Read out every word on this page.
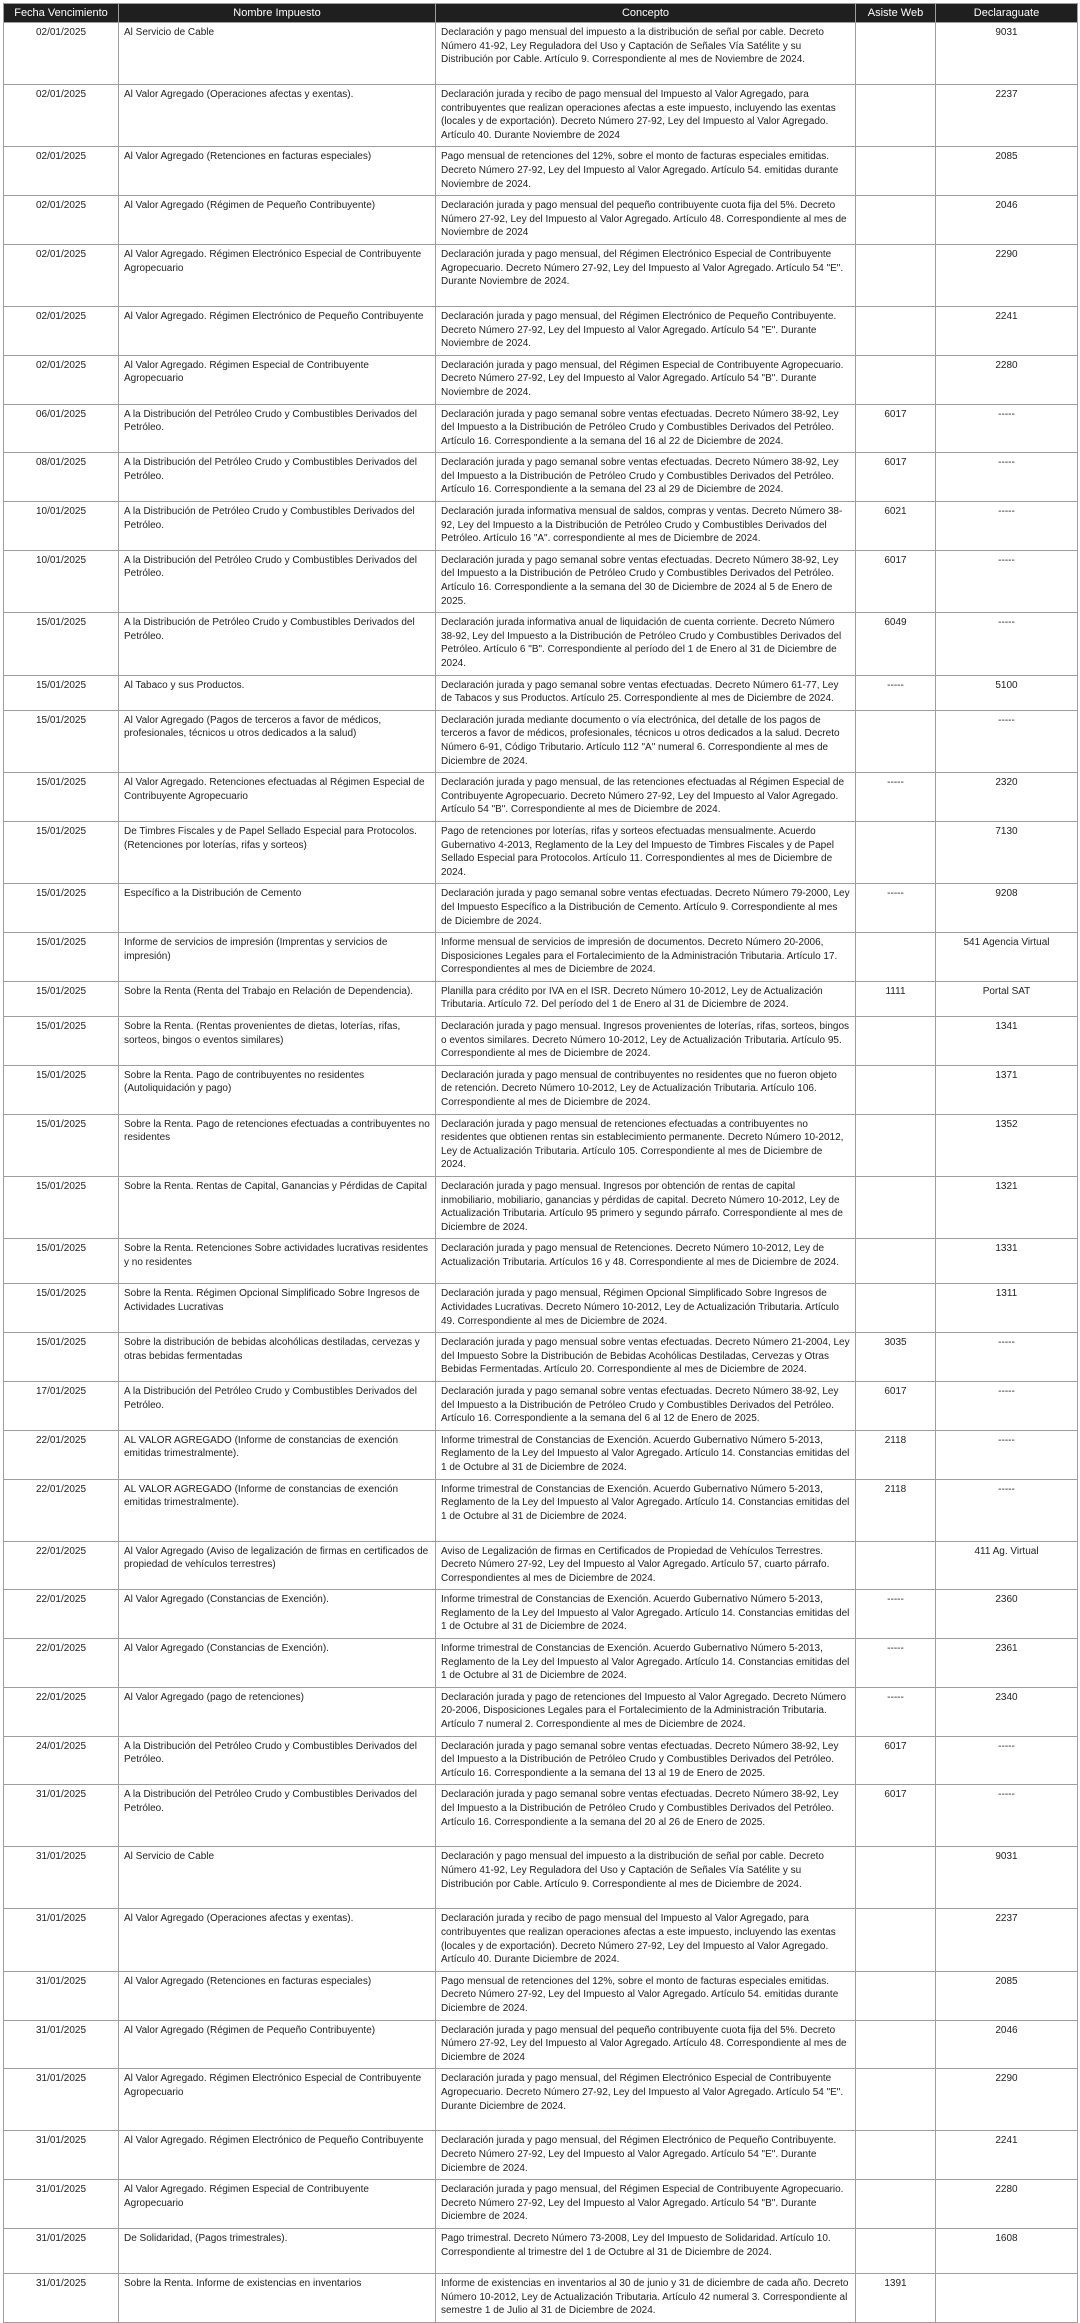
Fecha Vencimiento	Nombre Impuesto	Concepto	Asiste Web	Declaraguate
02/01/2025	Al Servicio de Cable	Declaración y pago mensual del impuesto a la distribución de señal por cable. Decreto Número 41-92, Ley Reguladora del Uso y Captación de Señales Vía Satélite y su Distribución por Cable. Artículo 9. Correspondiente al mes de Noviembre de 2024.		9031
02/01/2025	Al Valor Agregado (Operaciones afectas y exentas).	Declaración jurada y recibo de pago mensual del Impuesto al Valor Agregado, para contribuyentes que realizan operaciones afectas a este impuesto, incluyendo las exentas (locales y de exportación). Decreto Número 27-92, Ley del Impuesto al Valor Agregado. Artículo 40. Durante Noviembre de 2024		2237
02/01/2025	Al Valor Agregado (Retenciones en facturas especiales)	Pago mensual de retenciones del 12%, sobre el monto de facturas especiales emitidas. Decreto Número 27-92, Ley del Impuesto al Valor Agregado. Artículo 54. emitidas durante Noviembre de 2024.		2085
02/01/2025	Al Valor Agregado (Régimen de Pequeño Contribuyente)	Declaración jurada y pago mensual del pequeño contribuyente cuota fija del 5%. Decreto Número 27-92, Ley del Impuesto al Valor Agregado. Artículo 48. Correspondiente al mes de Noviembre de 2024		2046
02/01/2025	Al Valor Agregado. Régimen Electrónico Especial de Contribuyente Agropecuario	Declaración jurada y pago mensual, del Régimen Electrónico Especial de Contribuyente Agropecuario. Decreto Número 27-92, Ley del Impuesto al Valor Agregado. Artículo 54 "E". Durante Noviembre de 2024.		2290
02/01/2025	Al Valor Agregado. Régimen Electrónico de Pequeño Contribuyente	Declaración jurada y pago mensual, del Régimen Electrónico de Pequeño Contribuyente. Decreto Número 27-92, Ley del Impuesto al Valor Agregado. Artículo 54 "E". Durante Noviembre de 2024.		2241
02/01/2025	Al Valor Agregado. Régimen Especial de Contribuyente Agropecuario	Declaración jurada y pago mensual, del Régimen Especial de Contribuyente Agropecuario. Decreto Número 27-92, Ley del Impuesto al Valor Agregado. Artículo 54 "B". Durante Noviembre de 2024.		2280
06/01/2025	A la Distribución del Petróleo Crudo y Combustibles Derivados del Petróleo.	Declaración jurada y pago semanal sobre ventas efectuadas. Decreto Número 38-92, Ley del Impuesto a la Distribución de Petróleo Crudo y Combustibles Derivados del Petróleo. Artículo 16. Correspondiente a la semana del 16 al 22 de Diciembre de 2024.	6017	-----
08/01/2025	A la Distribución del Petróleo Crudo y Combustibles Derivados del Petróleo.	Declaración jurada y pago semanal sobre ventas efectuadas. Decreto Número 38-92, Ley del Impuesto a la Distribución de Petróleo Crudo y Combustibles Derivados del Petróleo. Artículo 16. Correspondiente a la semana del 23 al 29 de Diciembre de 2024.	6017	-----
10/01/2025	A la Distribución de Petróleo Crudo y Combustibles Derivados del Petróleo.	Declaración jurada informativa mensual de saldos, compras y ventas. Decreto Número 38-92, Ley del Impuesto a la Distribución de Petróleo Crudo y Combustibles Derivados del Petróleo. Artículo 16 "A". correspondiente al mes de Diciembre de 2024.	6021	-----
10/01/2025	A la Distribución del Petróleo Crudo y Combustibles Derivados del Petróleo.	Declaración jurada y pago semanal sobre ventas efectuadas. Decreto Número 38-92, Ley del Impuesto a la Distribución de Petróleo Crudo y Combustibles Derivados del Petróleo. Artículo 16. Correspondiente a la semana del 30 de Diciembre de 2024 al 5 de Enero de 2025.	6017	-----
15/01/2025	A la Distribución de Petróleo Crudo y Combustibles Derivados del Petróleo.	Declaración jurada informativa anual de liquidación de cuenta corriente. Decreto Número 38-92, Ley del Impuesto a la Distribución de Petróleo Crudo y Combustibles Derivados del Petróleo. Artículo 6 "B". Correspondiente al período del 1 de Enero al 31 de Diciembre de 2024.	6049	-----
15/01/2025	Al Tabaco y sus Productos.	Declaración jurada y pago semanal sobre ventas efectuadas. Decreto Número 61-77, Ley de Tabacos y sus Productos. Artículo 25. Correspondiente al mes de Diciembre de 2024.	-----	5100
15/01/2025	Al Valor Agregado (Pagos de terceros a favor de médicos, profesionales, técnicos u otros dedicados a la salud)	Declaración jurada mediante documento o vía electrónica, del detalle de los pagos de terceros a favor de médicos, profesionales, técnicos u otros dedicados a la salud. Decreto Número 6-91, Código Tributario. Artículo 112 "A" numeral 6. Correspondiente al mes de Diciembre de 2024.		-----
15/01/2025	Al Valor Agregado. Retenciones efectuadas al Régimen Especial de Contribuyente Agropecuario	Declaración jurada y pago mensual, de las retenciones efectuadas al Régimen Especial de Contribuyente Agropecuario. Decreto Número 27-92, Ley del Impuesto al Valor Agregado. Artículo 54 "B". Correspondiente al mes de Diciembre de 2024.	-----	2320
15/01/2025	De Timbres Fiscales y de Papel Sellado Especial para Protocolos. (Retenciones por loterías, rifas y sorteos)	Pago de retenciones por loterías, rifas y sorteos efectuadas mensualmente. Acuerdo Gubernativo 4-2013, Reglamento de la Ley del Impuesto de Timbres Fiscales y de Papel Sellado Especial para Protocolos. Artículo 11. Correspondientes al mes de Diciembre de 2024.		7130
15/01/2025	Específico a la Distribución de Cemento	Declaración jurada y pago semanal sobre ventas efectuadas. Decreto Número 79-2000, Ley del Impuesto Específico a la Distribución de Cemento. Artículo 9. Correspondiente al mes de Diciembre de 2024.	-----	9208
15/01/2025	Informe de servicios de impresión (Imprentas y servicios de impresión)	Informe mensual de servicios de impresión de documentos. Decreto Número 20-2006, Disposiciones Legales para el Fortalecimiento de la Administración Tributaria. Artículo 17. Correspondientes al mes de Diciembre de 2024.		541 Agencia Virtual
15/01/2025	Sobre la Renta (Renta del Trabajo en Relación de Dependencia).	Planilla para crédito por IVA en el ISR. Decreto Número 10-2012, Ley de Actualización Tributaria. Artículo 72. Del período del 1 de Enero al 31 de Diciembre de 2024.	1111	Portal SAT
15/01/2025	Sobre la Renta. (Rentas provenientes de dietas, loterías, rifas, sorteos, bingos o eventos similares)	Declaración jurada y pago mensual. Ingresos provenientes de loterías, rifas, sorteos, bingos o eventos similares. Decreto Número 10-2012, Ley de Actualización Tributaria. Artículo 95. Correspondiente al mes de Diciembre de 2024.		1341
15/01/2025	Sobre la Renta. Pago de contribuyentes no residentes (Autoliquidación y pago)	Declaración jurada y pago mensual de contribuyentes no residentes que no fueron objeto de retención. Decreto Número 10-2012, Ley de Actualización Tributaria. Artículo 106. Correspondiente al mes de Diciembre de 2024.		1371
15/01/2025	Sobre la Renta. Pago de retenciones efectuadas a contribuyentes no residentes	Declaración jurada y pago mensual de retenciones efectuadas a contribuyentes no residentes que obtienen rentas sin establecimiento permanente. Decreto Número 10-2012, Ley de Actualización Tributaria. Artículo 105. Correspondiente al mes de Diciembre de 2024.		1352
15/01/2025	Sobre la Renta. Rentas de Capital, Ganancias y Pérdidas de Capital	Declaración jurada y pago mensual. Ingresos por obtención de rentas de capital inmobiliario, mobiliario, ganancias y pérdidas de capital. Decreto Número 10-2012, Ley de Actualización Tributaria. Artículo 95 primero y segundo párrafo. Correspondiente al mes de Diciembre de 2024.		1321
15/01/2025	Sobre la Renta. Retenciones Sobre actividades lucrativas residentes y no residentes	Declaración jurada y pago mensual de Retenciones. Decreto Número 10-2012, Ley de Actualización Tributaria. Artículos 16 y 48. Correspondiente al mes de Diciembre de 2024.		1331
15/01/2025	Sobre la Renta. Régimen Opcional Simplificado Sobre Ingresos de Actividades Lucrativas	Declaración jurada y pago mensual, Régimen Opcional Simplificado Sobre Ingresos de Actividades Lucrativas. Decreto Número 10-2012, Ley de Actualización Tributaria. Artículo 49. Correspondiente al mes de Diciembre de 2024.		1311
15/01/2025	Sobre la distribución de bebidas alcohólicas destiladas, cervezas y otras bebidas fermentadas	Declaración jurada y pago mensual sobre ventas efectuadas. Decreto Número 21-2004, Ley del Impuesto Sobre la Distribución de Bebidas Acohólicas Destiladas, Cervezas y Otras Bebidas Fermentadas. Artículo 20. Correspondiente al mes de Diciembre de 2024.	3035	-----
17/01/2025	A la Distribución del Petróleo Crudo y Combustibles Derivados del Petróleo.	Declaración jurada y pago semanal sobre ventas efectuadas. Decreto Número 38-92, Ley del Impuesto a la Distribución de Petróleo Crudo y Combustibles Derivados del Petróleo. Artículo 16. Correspondiente a la semana del 6 al 12 de Enero de 2025.	6017	-----
22/01/2025	AL VALOR AGREGADO (Informe de constancias de exención emitidas trimestralmente).	Informe trimestral de Constancias de Exención. Acuerdo Gubernativo Número 5-2013, Reglamento de la Ley del Impuesto al Valor Agregado. Artículo 14. Constancias emitidas del 1 de Octubre al 31 de Diciembre de 2024.	2118	-----
22/01/2025	AL VALOR AGREGADO (Informe de constancias de exención emitidas trimestralmente).	Informe trimestral de Constancias de Exención. Acuerdo Gubernativo Número 5-2013, Reglamento de la Ley del Impuesto al Valor Agregado. Artículo 14. Constancias emitidas del 1 de Octubre al 31 de Diciembre de 2024.	2118	-----
22/01/2025	Al Valor Agregado (Aviso de legalización de firmas en certificados de propiedad de vehículos terrestres)	Aviso de Legalización de firmas en Certificados de Propiedad de Vehículos Terrestres. Decreto Número 27-92, Ley del Impuesto al Valor Agregado. Artículo 57, cuarto párrafo. Correspondientes al mes de Diciembre de 2024.		411 Ag. Virtual
22/01/2025	Al Valor Agregado (Constancias de Exención).	Informe trimestral de Constancias de Exención. Acuerdo Gubernativo Número 5-2013, Reglamento de la Ley del Impuesto al Valor Agregado. Artículo 14. Constancias emitidas del 1 de Octubre al 31 de Diciembre de 2024.	-----	2360
22/01/2025	Al Valor Agregado (Constancias de Exención).	Informe trimestral de Constancias de Exención. Acuerdo Gubernativo Número 5-2013, Reglamento de la Ley del Impuesto al Valor Agregado. Artículo 14. Constancias emitidas del 1 de Octubre al 31 de Diciembre de 2024.	-----	2361
22/01/2025	Al Valor Agregado (pago de retenciones)	Declaración jurada y pago de retenciones del Impuesto al Valor Agregado. Decreto Número 20-2006, Disposiciones Legales para el Fortalecimiento de la Administración Tributaria. Artículo 7 numeral 2. Correspondiente al mes de Diciembre de 2024.	-----	2340
24/01/2025	A la Distribución del Petróleo Crudo y Combustibles Derivados del Petróleo.	Declaración jurada y pago semanal sobre ventas efectuadas. Decreto Número 38-92, Ley del Impuesto a la Distribución de Petróleo Crudo y Combustibles Derivados del Petróleo. Artículo 16. Correspondiente a la semana del 13 al 19 de Enero de 2025.	6017	-----
31/01/2025	A la Distribución del Petróleo Crudo y Combustibles Derivados del Petróleo.	Declaración jurada y pago semanal sobre ventas efectuadas. Decreto Número 38-92, Ley del Impuesto a la Distribución de Petróleo Crudo y Combustibles Derivados del Petróleo. Artículo 16. Correspondiente a la semana del 20 al 26 de Enero de 2025.	6017	-----
31/01/2025	Al Servicio de Cable	Declaración y pago mensual del impuesto a la distribución de señal por cable. Decreto Número 41-92, Ley Reguladora del Uso y Captación de Señales Vía Satélite y su Distribución por Cable. Artículo 9. Correspondiente al mes de Diciembre de 2024.		9031
31/01/2025	Al Valor Agregado (Operaciones afectas y exentas).	Declaración jurada y recibo de pago mensual del Impuesto al Valor Agregado, para contribuyentes que realizan operaciones afectas a este impuesto, incluyendo las exentas (locales y de exportación). Decreto Número 27-92, Ley del Impuesto al Valor Agregado. Artículo 40. Durante Diciembre de 2024.		2237
31/01/2025	Al Valor Agregado (Retenciones en facturas especiales)	Pago mensual de retenciones del 12%, sobre el monto de facturas especiales emitidas. Decreto Número 27-92, Ley del Impuesto al Valor Agregado. Artículo 54. emitidas durante Diciembre de 2024.		2085
31/01/2025	Al Valor Agregado (Régimen de Pequeño Contribuyente)	Declaración jurada y pago mensual del pequeño contribuyente cuota fija del 5%. Decreto Número 27-92, Ley del Impuesto al Valor Agregado. Artículo 48. Correspondiente al mes de Diciembre de 2024		2046
31/01/2025	Al Valor Agregado. Régimen Electrónico Especial de Contribuyente Agropecuario	Declaración jurada y pago mensual, del Régimen Electrónico Especial de Contribuyente Agropecuario. Decreto Número 27-92, Ley del Impuesto al Valor Agregado. Artículo 54 "E". Durante Diciembre de 2024.		2290
31/01/2025	Al Valor Agregado. Régimen Electrónico de Pequeño Contribuyente	Declaración jurada y pago mensual, del Régimen Electrónico de Pequeño Contribuyente. Decreto Número 27-92, Ley del Impuesto al Valor Agregado. Artículo 54 "E". Durante Diciembre de 2024.		2241
31/01/2025	Al Valor Agregado. Régimen Especial de Contribuyente Agropecuario	Declaración jurada y pago mensual, del Régimen Especial de Contribuyente Agropecuario. Decreto Número 27-92, Ley del Impuesto al Valor Agregado. Artículo 54 "B". Durante Diciembre de 2024.		2280
31/01/2025	De Solidaridad, (Pagos trimestrales).	Pago trimestral. Decreto Número 73-2008, Ley del Impuesto de Solidaridad. Artículo 10. Correspondiente al trimestre del 1 de Octubre al 31 de Diciembre de 2024.		1608
31/01/2025	Sobre la Renta. Informe de existencias en inventarios	Informe de existencias en inventarios al 30 de junio y 31 de diciembre de cada año. Decreto Número 10-2012, Ley de Actualización Tributaria. Artículo 42 numeral 3. Correspondiente al semestre 1 de Julio al 31 de Diciembre de 2024.	1391	
